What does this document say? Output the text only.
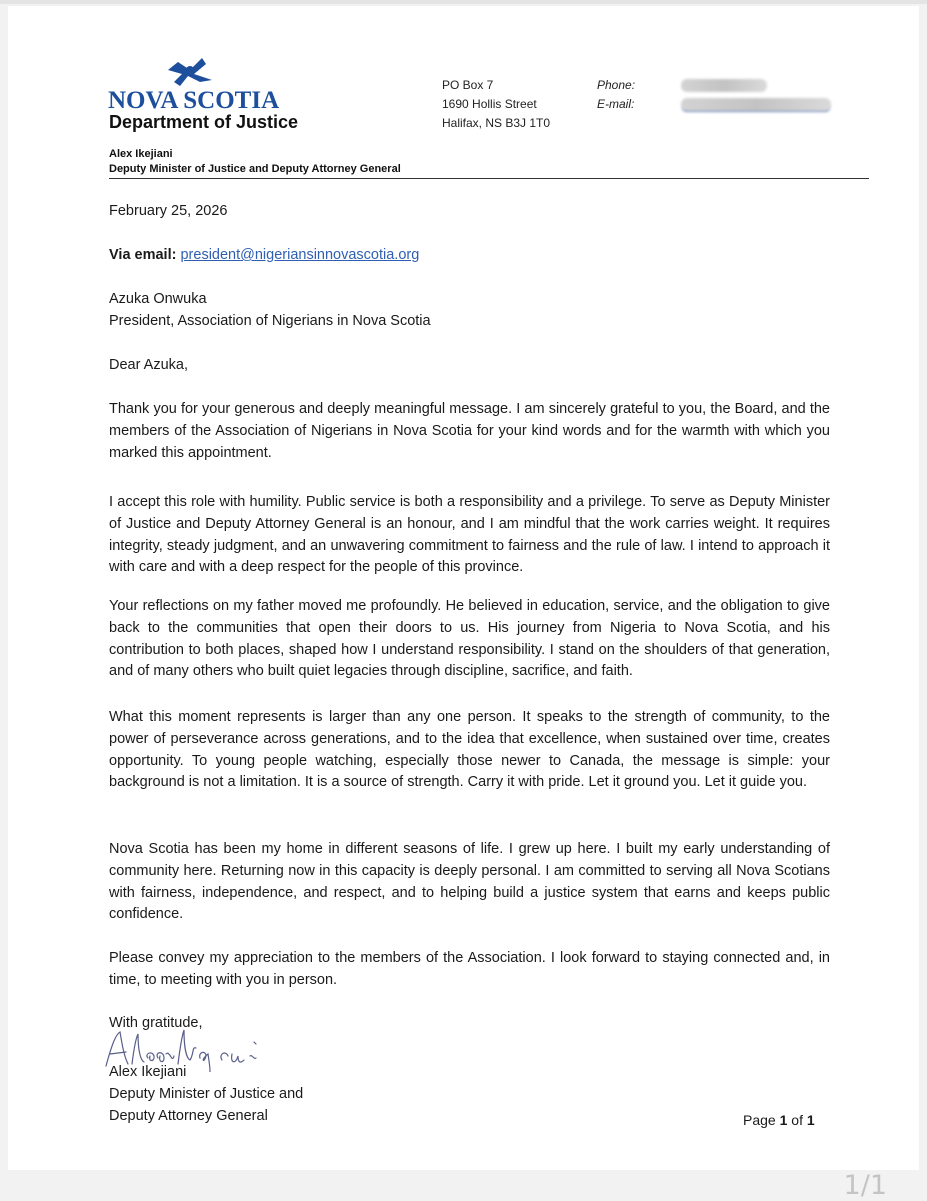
NOVA SCOTIA
Department of Justice
PO Box 7
1690 Hollis Street
Halifax, NS B3J 1T0
Phone:
E-mail:
Alex Ikejiani
Deputy Minister of Justice and Deputy Attorney General
February 25, 2026
Via email: president@nigeriansinnovascotia.org
Azuka Onwuka
President, Association of Nigerians in Nova Scotia
Dear Azuka,
Thank you for your generous and deeply meaningful message. I am sincerely grateful to you, the Board, and the members of the Association of Nigerians in Nova Scotia for your kind words and for the warmth with which you marked this appointment.
I accept this role with humility. Public service is both a responsibility and a privilege. To serve as Deputy Minister of Justice and Deputy Attorney General is an honour, and I am mindful that the work carries weight. It requires integrity, steady judgment, and an unwavering commitment to fairness and the rule of law. I intend to approach it with care and with a deep respect for the people of this province.
Your reflections on my father moved me profoundly. He believed in education, service, and the obligation to give back to the communities that open their doors to us. His journey from Nigeria to Nova Scotia, and his contribution to both places, shaped how I understand responsibility. I stand on the shoulders of that generation, and of many others who built quiet legacies through discipline, sacrifice, and faith.
What this moment represents is larger than any one person. It speaks to the strength of community, to the power of perseverance across generations, and to the idea that excellence, when sustained over time, creates opportunity. To young people watching, especially those newer to Canada, the message is simple: your background is not a limitation. It is a source of strength. Carry it with pride. Let it ground you. Let it guide you.
Nova Scotia has been my home in different seasons of life. I grew up here. I built my early understanding of community here. Returning now in this capacity is deeply personal. I am committed to serving all Nova Scotians with fairness, independence, and respect, and to helping build a justice system that earns and keeps public confidence.
Please convey my appreciation to the members of the Association. I look forward to staying connected and, in time, to meeting with you in person.
With gratitude,
Alex Ikejiani
Deputy Minister of Justice and
Deputy Attorney General	Page 1 of 1
1/1
